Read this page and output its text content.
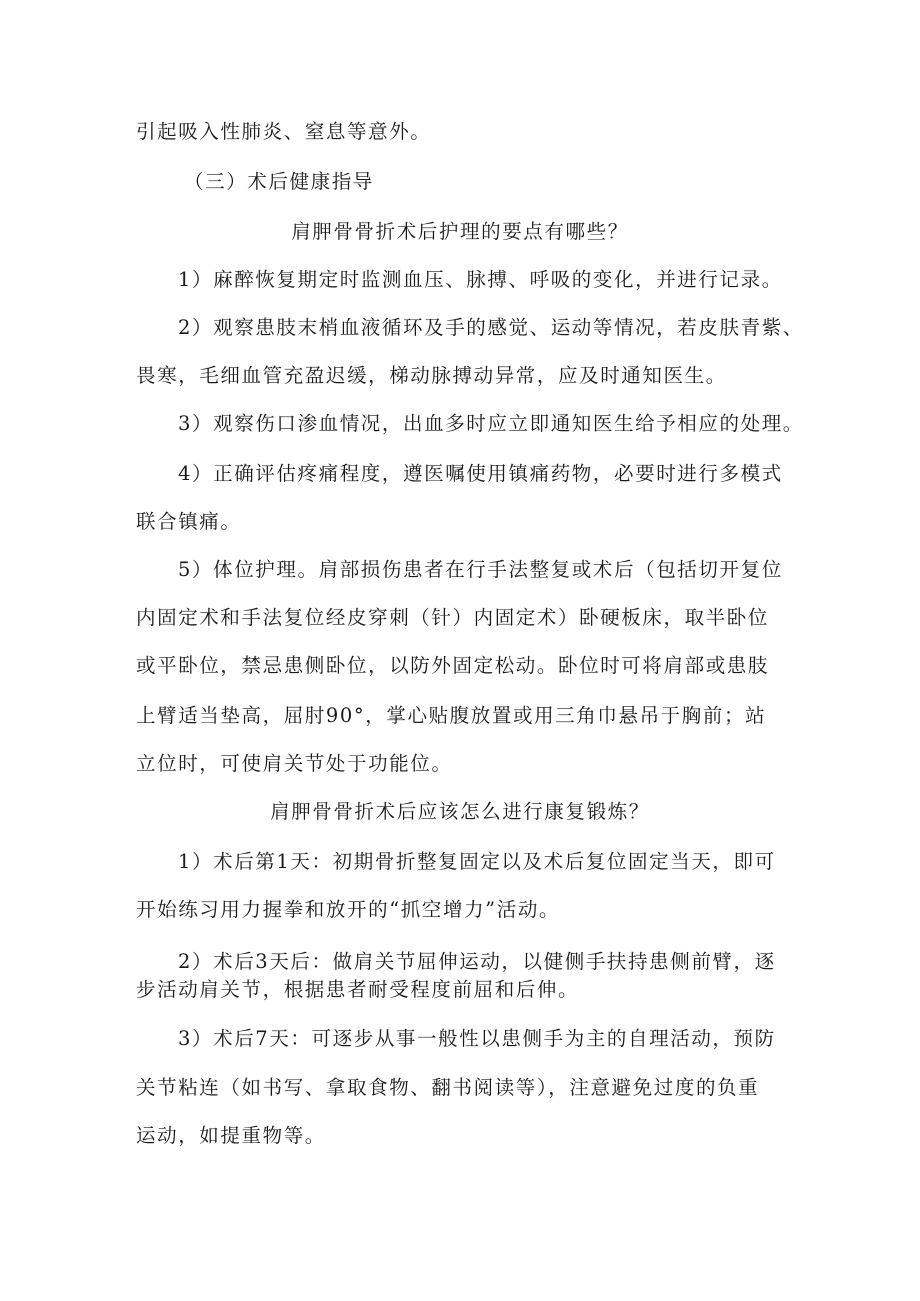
引起吸入性肺炎、窒息等意外。
（三）术后健康指导
肩胛骨骨折术后护理的要点有哪些？
1）麻醉恢复期定时监测血压、脉搏、呼吸的变化，并进行记录。
2）观察患肢末梢血液循环及手的感觉、运动等情况，若皮肤青紫、
畏寒，毛细血管充盈迟缓，梯动脉搏动异常，应及时通知医生。
3）观察伤口渗血情况，出血多时应立即通知医生给予相应的处理。
4）正确评估疼痛程度，遵医嘱使用镇痛药物，必要时进行多模式
联合镇痛。
5）体位护理。肩部损伤患者在行手法整复或术后（包括切开复位
内固定术和手法复位经皮穿刺（针）内固定术）卧硬板床，取半卧位
或平卧位，禁忌患侧卧位，以防外固定松动。卧位时可将肩部或患肢
上臂适当垫高，屈肘90°，掌心贴腹放置或用三角巾悬吊于胸前；站
立位时，可使肩关节处于功能位。
肩胛骨骨折术后应该怎么进行康复锻炼？
1）术后第1天：初期骨折整复固定以及术后复位固定当天，即可
开始练习用力握拳和放开的“抓空增力”活动。
2）术后3天后：做肩关节屈伸运动，以健侧手扶持患侧前臂，逐
步活动肩关节，根据患者耐受程度前屈和后伸。
3）术后7天：可逐步从事一般性以患侧手为主的自理活动，预防
关节粘连（如书写、拿取食物、翻书阅读等），注意避免过度的负重
运动，如提重物等。
